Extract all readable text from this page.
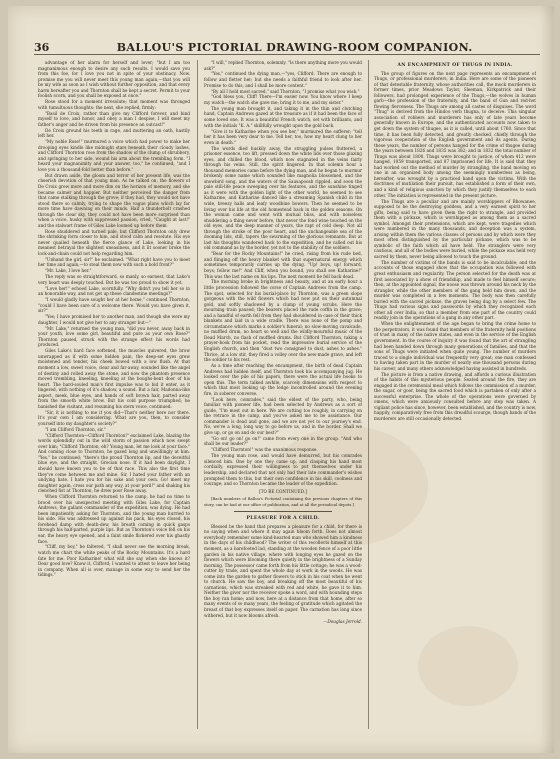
36	BALLOU'S PICTORIAL DRAWING-ROOM COMPANION.

advantage of her alarm for herself and lover; "but I am too magnanimous enough to desire any such results. I would save you from this foe, for I love you not in spite of your obstinacy. Now, promise me you will never meet this young man again,—that you will be my wife as soon as I wish without further opposition, and that every harm hereafter you and Thornton shall be kept a secret. Permit to your foolish scorn, and you shall be exposed at once."

Rose stood for a moment irresolute; that moment was thronged with tumultuous thoughts: the next, she replied, firmly:

"Basil de Croix, rather than give my Clifford forever, and bind myself to love, and honor, and obey a man I despise, I will meet my father's anger and be driven from his presence an outcast!"

De Croix ground his teeth in rage, and muttering an oath, hastily left her.

"My noble Rose!" murmured a voice which had power to make her drooping eyes kindle like midnight stars beneath their cloudy lashes, and Clifford Thornton rose from the shadow of the clump of shrubbery, and springing to her side, wound his arm about the trembling form. "I heard your magnanimity and your answer, too," he continued, "and I love you a thousand-fold better than before."

But drawn aside, the gloom and terror of her present life, was the cheerish devotion of that young man. As he talked on, the flowers of De Croix grew more and more dim on the horizon of memory, and she became calmer and happier. But neither perceived the danger from that came stalking through the grove; if they had, they would not have stood there so calmly, trying to shape the vague plans which lay far more time have dawning on their minds. Half a thunderbolt crashed through the clear sky, they could not have been more surprised than when a voice, husky with suppressed passion, cried, "Caught at last!" and the stalwart frame of Giles Lake loomed up before them.

Rose shuddered and turned pale, but Clifford Thornton only drew the shrinking form closer to him, and stood calm and resolute. His eye never quailed beneath the fierce glance of Lake, looking in his meanest betrayal the slightest uneasiness, and it lit sooner broke the lock-and-chain could not help regarding him.

"Unhand the girl, sir!" he exclaimed. "What right have you to meet her time and again,—to steal them now with such a bold front?"

"Mr. Lake, I love her."

The reply was so straightforward, so manly, so earnest, that Lake's very heart was deeply touched. But he was too proud to show it yet.

"Love her!" echoed Lake, scornfully. "Why didn't you tell her so in an honorable way, and not get up these clandestine meetings?"

"I would gladly have sought her at her home," continued Thornton, "could I have been sure of a welcome there. Would you have given it, sir?"

"Yes; I have promised her to another man, and though she were my daughter, I would not give her to any stranger but—"

"Mr. Lake," returned the young man, "did you never, away back in your youth, love some girl, beautiful and pure as your own Rose?" Thornton paused, struck with the strange effect his words had produced.

Giles Lake's hard face softened, the muscles quivered, the brow unwrapped as if with some hidden pain, the deep-set eyes grew moistened and tender, his cheek bowed with a low flush. At that moment a low, sweet voice, clear and far-away, sounded like the angel of destiny and rolled away the stone, and now the phantom presence moved trembling, kneeling, kneeling at the boughs-bent door of his heart. The hard-souled man's first impulse was to bid it enter, as it lingered, with nothing of it's shadow, a sound. But a fair, Madonna-like aspect, meek, blue eyes, and hands of soft brown hair, parted away from the smooth white brow. But his cold purpose triumphed; he banished the visitant, and resuming his stern voice, continued:

"Sir, it is nothing to me if you did—That's neither here nor there. It's your own I am considering. What are you, then, to consider yourself into my daughter's society?"

"I am Clifford Thornton, sir."

"Clifford Thornton—Clifford Thornton!" exclaimed Lake, blazing the words splendidly out in the wild storm of passion which now swept over him; "Clifford Thornton, eh? Young man, let me look at your face." And coming close to Thornton, he gazed long and unwillingly at him. "Yes," he continued; "there's the proud Thornton lip, and the deceitful blue eye, and the straight, Grecian nose. If it had been daylight, I should have known you to be of that race. This also the first time they've come between me and mine. Sir, I hated your father with an undying hate. I hate you for his sake and your own. Go! meet my daughter again, cross our path any way, at your peril!" and shaking his clenched fist at Thornton, he drew poor Rose away.

When Clifford Thornton returned to the camp, he had no time to brood over his unexpected meeting with Giles Lake, for Captain Andrews, the gallant commander of the expedition, was dying. He had been impatiently asking for Thornton, and the young man hurried to his side. His was addressed up against his pack, his eyes closed, his forehead damp with death-dew, his breath coming in quick gasps through his half-parted, purple lips. But as Thornton's voice fell on his ear, the heavy eye opened, and a faint smile flickered over his ghastly face.

"Cliff, my boy," he faltered, "I shall never see the morning break, watch me chart the white peaks of the Rocky Mountains. It's a hard fate for me. Poor Katharine! what will she say when she knows it? Dear good love? Know it, Clifford; I wanted to attest to leave her being in company. When all is over, manage in some way to send her the tidings."

"I will," replied Thornton, solemnly. "Is there anything more you would ask?"

"Yes," continued the dying man,—"yes, Clifford. There are enough to follow and fletter her; but she needs a faithful friend to look after her. Promise to do this, and I shall be more content."

"By all I hold most sacred," said Thornton, "I promise what you wish."

"God bless you, Cliff! There—I'm easier now. You know where I keep my watch—the watch she gave me; bring it to me, and my sister."

The young man brought it, and taking it in the thin and clutching hand, Captain Andrews gazed at the treasure as if it had been the face of some loved one. It was a beautiful French watch, set with brilliants, and with the initials "K. A." skillfully wrought upon the gold back.

"Give it to Katharine when you see her," murmured the sufferer; "tell her it has been very dear to me. Tell her, too, how my heart clung to her even in death."

The words died huskily away, the struggling pulses fluttered, a prisoner essence, too lift, pressed down the white lids over those glazing eyes, and chilled the blood, which now stagnated in the veins fairly through his veins. Still, the spirit lingered. In that solemn hour a thousand memories came before the dying man, and he began to murmur brokenly some name which sounded like magnolia blossomed, and the snowbird song, and the waters of the Sausapoosh rippled, and soon the pale still-life peace sweeping over his features, and the sunshine tinged as it were with the golden light of the other world, he seemed to see Katharine, and Katharine danced like a streaming Spanish child in the wide, breezy halls and leafy woodbine bowers. Then he seemed to be living over his life at the old homestead back in the golden seasons. On the woman came and went with mutual bliss, and with noiseless shuddering a thing never before, that never the fond wine touched on the old eyes, and the deep manner of years, the rapt of cold deep. Not all through the stroke of the poor heart, and the unchangeable sea of the dooming lids, still, tapers the swarming of the glorious remnants. But at last his thoughts wandered back to the expedition, and he called out his old command as by the border, yet not to the stability of the soldiers.

"Bear for the Rocky Mountains!" he cried, rising from his rude bed, and flinging off the heavy blanket with that supernatural energy which sometimes temporarily carries up the dying. "Up! boys, up! forward, boys; follow me!" And Cliff, when you bound, you shall see Katharine!" This was the last name on his lips. The next moment he fell back dead.

The morning broke in brightness and beauty, and at an early hour a little procession followed the corse of Captain Andrews from the camp. The spot, selected for his burial-place by Thornton, was a green slope gorgeous with the wild flowers which had now put on their autumnal gold, and softly shadowed by a clump of young scrubs. Here the mourning train paused; the bearers placed the rude coffin in the grave; and a handful of earth fell from they had shouldered in case of their thick blankets and laid in a wide cradle. There was none of the pomp and circumstance which marks a soldier's funeral; no slow-moving cavalcade, no muffled drum, no heart so well and the wildly-mournful music of the Dead March, no flash of muffled drums. But Clifford Thornton, taking a prayer-book from his pocket, read the impressive burial service of the English church, and then "dust two consigned to dust, ashes to ashes." Thrice, at a low stir, they fired a volley over the new-made grave, and left the soldier to his rest.

As a time after reaching the encampment, the birth of dead Captain Andrews had hidden itself, and Thornton took his accompanying jug. He looked over the pile of his papers, there were the actual life books to open this. The term talked awhile, scarcely dimensions with respect to which that most looking up the ledge incontrolled around the evening fire, in soberer converse.

"Look here, comrades," said the eldest of the party, who, being familiar with pioneer life, had been selected by Andrews as a sort of guide, "I'm most out in here. We are cutting too roughly, in carrying on the retrace in the camp, and you've asked me to be assistance. Our commander is dead and gone, and we are not yet to our journey's end. No, we've a long, long way to go before us, and in the border. Shall we give up, or go on and do our best?"

"Go on! go on! go on!" came from every one in the group. "And who shall be our leader?"

"Clifford Thornton!" was the unanimous response.

The young man rose, and would have demurred, but his comrades silenced him. One by one they came up, and clasping his hand most cordially, expressed their willingness to put themselves under his leadership, and declared that not only had their late commander's wishes prompted them to this, but their own confidence in his skill, coolness and courage; and so Thornton became the leader of the expedition.

[TO BE CONTINUED.]

[Back numbers of Ballou's Pictorial containing the previous chapters of this story, can be had at our office of publication, and at all the periodical depots.]

PLEASURE FOR A CHILD.

Blessed be the hand that prepares a pleasure for a child, for there is no saying when and where it may again bloom forth. Does not almost everybody remember some kind-hearted man who showed him a kindness in the days of his childhood? The writer of this recollects himself at this moment, as a barefooted lad, standing at the wooden fence of a poor little garden in his native village, where with longing eyes he gazed on the flowers which were blooming there quietly in the brightness of a Sunday morning. The possessor came forth from his little cottage; he was a wood-cutter by trade, and spent the whole day at work in the woods. He was come into the garden to gather flowers to stick in his coat when he went to church. He saw the boy, and breaking off the most beautiful of his carnations, which was streaked with red and white, he gave it to him. Neither the giver nor the receiver spoke a word, and with bounding steps the boy ran home; and now, here at a distance from that home, after so many events of so many years, the feeling of gratitude which agitated the breast of that boy expresses itself on paper. The carnation has long since withered, but it now blooms afresh.

—Douglas Jerrold.

AN ENCAMPMENT OF THUGS IN INDIA.

The group of figures on the next page represents an encampment of Thugs, or professional murderers, in India. Here are some of the pioneers of that detestable fraternity, whose authorities call, the mock murderers in former times, prior Meadows Taylor, Sleeman, Kirkpatrick and their followers, had prolonged experience of the Thugs,—the wolves in human garb—the profession of the fraternity, and the band of Gun and red-hot flowing fierceness. The Thugs are among all castes of disguises. The word "Thug" is derived from the Hindoo verb thugna, to deceive. This singular association of robbers and murderers has only of late years become generally known in Europe, and the authenticated accounts now taken to get down the system of thugee, as it is called, until about 1760. Since that time, it has been fully detected, and greatly checked, chiefly through the vigorous cooperation of the English government and its agents. During these years, the number of persons hanged for the crime of thugee during the years between 1826 and 1835 was 382; and in 1832 the total number of Thugs was about 1800. Thugs were brought to justice, of whom 412 were hanged, 1059 transported, and 87 imprisoned for life. It is said that they had worked out the method of murder by strangling, the band moving on one in an organized body among the seemingly numberless as being, hereafter, was wrought by a practiced hand upon the victims. With the doctrines of mutilation their pursuit, has established a form of their own, and a kind of religious sanction by which they justify themselves to each other. The initiation is represented in the present picture.

The Thugs are a peculiar and are mainly worshippers of Bhowanee, supposed to be the destroying goddess, and a very earnest spirit to her gifts, being said to have given them the right to strangle, and provided them with a pickaxe, which is worshipped as among them as a sacred symbol. Amongst their pretensions, which are kept, were tragedies which were numbered in the many thousands, and deception was a system, arising within them the various classes of persons and by which were they most often distinguished by the particular pickaxe, which was to be symbolic of the faith which all have held. The stranglers were very cautious, and all of the bodies were buried, while the pickaxe was held very sacred by them, never being allowed to touch the ground.

The number of victims of the bands is said to be incalculable; and the accounts of those engaged show that the occupation was followed with great enthusiasm and regularity. The person selected for the death was at first associated by a show of friendship, and made to feel himself secure; then, at the appointed signal, the noose was thrown around his neck by the strangler, while the other members of the gang held him down, and the murder was completed in a few moments. The body was then carefully buried with the sacred pickaxe, the graves being dug by a select few. The Thugs had various signs and passwords by which they recognized each other all over India, so that a member from one part of the country could readily join in the operations of a gang in any other part.

When the enlightenment of the age began to bring the crime home to the perpetrators, it was found that members of the fraternity held positions of trust in many of the native states, and even in the service of the English government. In the course of inquiry it was found that the art of strangling had been handed down through many generations of families, and that the sons of Thugs were initiated when quite young. The number of murders traced to a single individual was frequently very great; one man confessed to having taken part in the murder of nearly one thousand persons during his career, and many others acknowledged having assisted in hundreds.

The picture is from a native drawing, and affords a curious illustration of the habits of this mysterious people. Seated around the fire, they are engaged in the ceremonial meal which follows the commission of a murder, the sugar, or goor, being the sacred food which is partaken of only after a successful enterprise. The whole of the operations were governed by omens, which were anxiously consulted before any step was taken. A vigilant police has since, however, been established, and the country is now, happily, comparatively free from this dreadful scourge, though bands of the murderers are still occasionally detected.
